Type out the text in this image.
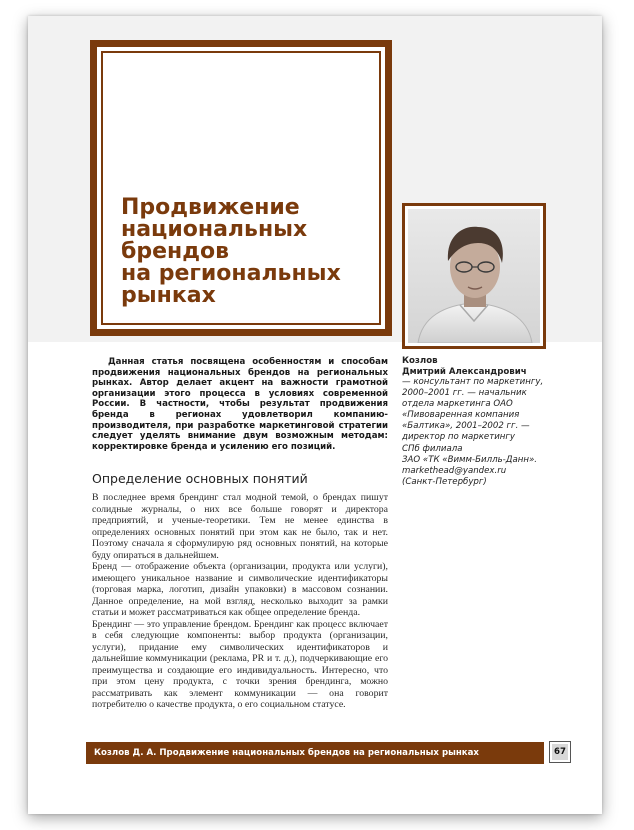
Продвижение
национальных
брендов
на региональных
рынках

Данная статья посвящена особенностям и способам продвижения национальных брендов на региональных рынках. Автор делает акцент на важности грамотной организации этого процесса в условиях современной России. В частности, чтобы результат продвижения бренда в регионах удовлетворил компанию-производителя, при разработке маркетинговой стратегии следует уделять внимание двум возможным методам: корректировке бренда и усилению его позиций.

Определение основных понятий

В последнее время брендинг стал модной темой, о брендах пишут солидные журналы, о них все больше говорят и директора предприятий, и ученые-теоретики. Тем не менее единства в определениях основных понятий при этом как не было, так и нет. Поэтому сначала я сформулирую ряд основных понятий, на которые буду опираться в дальнейшем.

Бренд — отображение объекта (организации, продукта или услуги), имеющего уникальное название и символические идентификаторы (торговая марка, логотип, дизайн упаковки) в массовом сознании. Данное определение, на мой взгляд, несколько выходит за рамки статьи и может рассматриваться как общее определение бренда.

Брендинг — это управление брендом. Брендинг как процесс включает в себя следующие компоненты: выбор продукта (организации, услуги), придание ему символических идентификаторов и дальнейшие коммуникации (реклама, PR и т. д.), подчеркивающие его преимущества и создающие его индивидуальность. Интересно, что при этом цену продукта, с точки зрения брендинга, можно рассматривать как элемент коммуникации — она говорит потребителю о качестве продукта, о его социальном статусе.

Козлов

Дмитрий Александрович

— консультант по маркетингу,

2000–2001 гг. — начальник

отдела маркетинга ОАО

«Пивоваренная компания

«Балтика», 2001–2002 гг. —

директор по маркетингу

СПб филиала

ЗАО «ТК «Вимм-Билль-Данн».

markethead@yandex.ru

(Санкт-Петербург)

Козлов Д. А. Продвижение национальных брендов на региональных рынках	67
